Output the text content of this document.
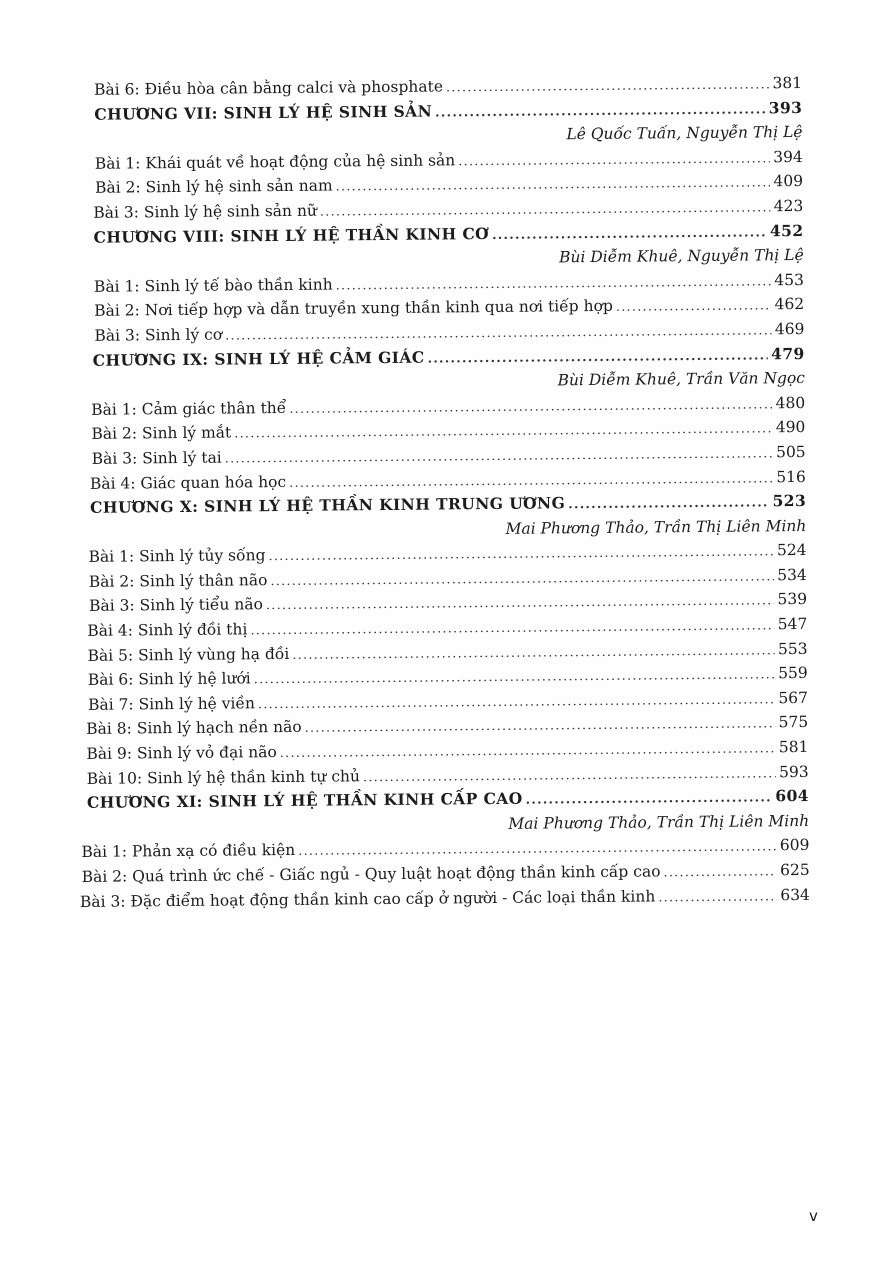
Bài 6: Điều hòa cân bằng calci và phosphate .....	381
CHƯƠNG VII: SINH LÝ HỆ SINH SẢN .....	393
Lê Quốc Tuấn, Nguyễn Thị Lệ
Bài 1: Khái quát về hoạt động của hệ sinh sản .....	394
Bài 2: Sinh lý hệ sinh sản nam .....	409
Bài 3: Sinh lý hệ sinh sản nữ .....	423
CHƯƠNG VIII: SINH LÝ HỆ THẦN KINH CƠ .....	452
Bùi Diễm Khuê, Nguyễn Thị Lệ
Bài 1: Sinh lý tế bào thần kinh .....	453
Bài 2: Nơi tiếp hợp và dẫn truyền xung thần kinh qua nơi tiếp hợp .....	462
Bài 3: Sinh lý cơ .....	469
CHƯƠNG IX: SINH LÝ HỆ CẢM GIÁC .....	479
Bùi Diễm Khuê, Trần Văn Ngọc
Bài 1: Cảm giác thân thể .....	480
Bài 2: Sinh lý mắt .....	490
Bài 3: Sinh lý tai .....	505
Bài 4: Giác quan hóa học .....	516
CHƯƠNG X: SINH LÝ HỆ THẦN KINH TRUNG ƯƠNG .....	523
Mai Phương Thảo, Trần Thị Liên Minh
Bài 1: Sinh lý tủy sống .....	524
Bài 2: Sinh lý thân não .....	534
Bài 3: Sinh lý tiểu não .....	539
Bài 4: Sinh lý đồi thị .....	547
Bài 5: Sinh lý vùng hạ đồi .....	553
Bài 6: Sinh lý hệ lưới .....	559
Bài 7: Sinh lý hệ viền .....	567
Bài 8: Sinh lý hạch nền não .....	575
Bài 9: Sinh lý vỏ đại não .....	581
Bài 10: Sinh lý hệ thần kinh tự chủ .....	593
CHƯƠNG XI: SINH LÝ HỆ THẦN KINH CẤP CAO .....	604
Mai Phương Thảo, Trần Thị Liên Minh
Bài 1: Phản xạ có điều kiện .....	609
Bài 2: Quá trình ức chế - Giấc ngủ - Quy luật hoạt động thần kinh cấp cao .....	625
Bài 3: Đặc điểm hoạt động thần kinh cao cấp ở người - Các loại thần kinh .....	634
v
